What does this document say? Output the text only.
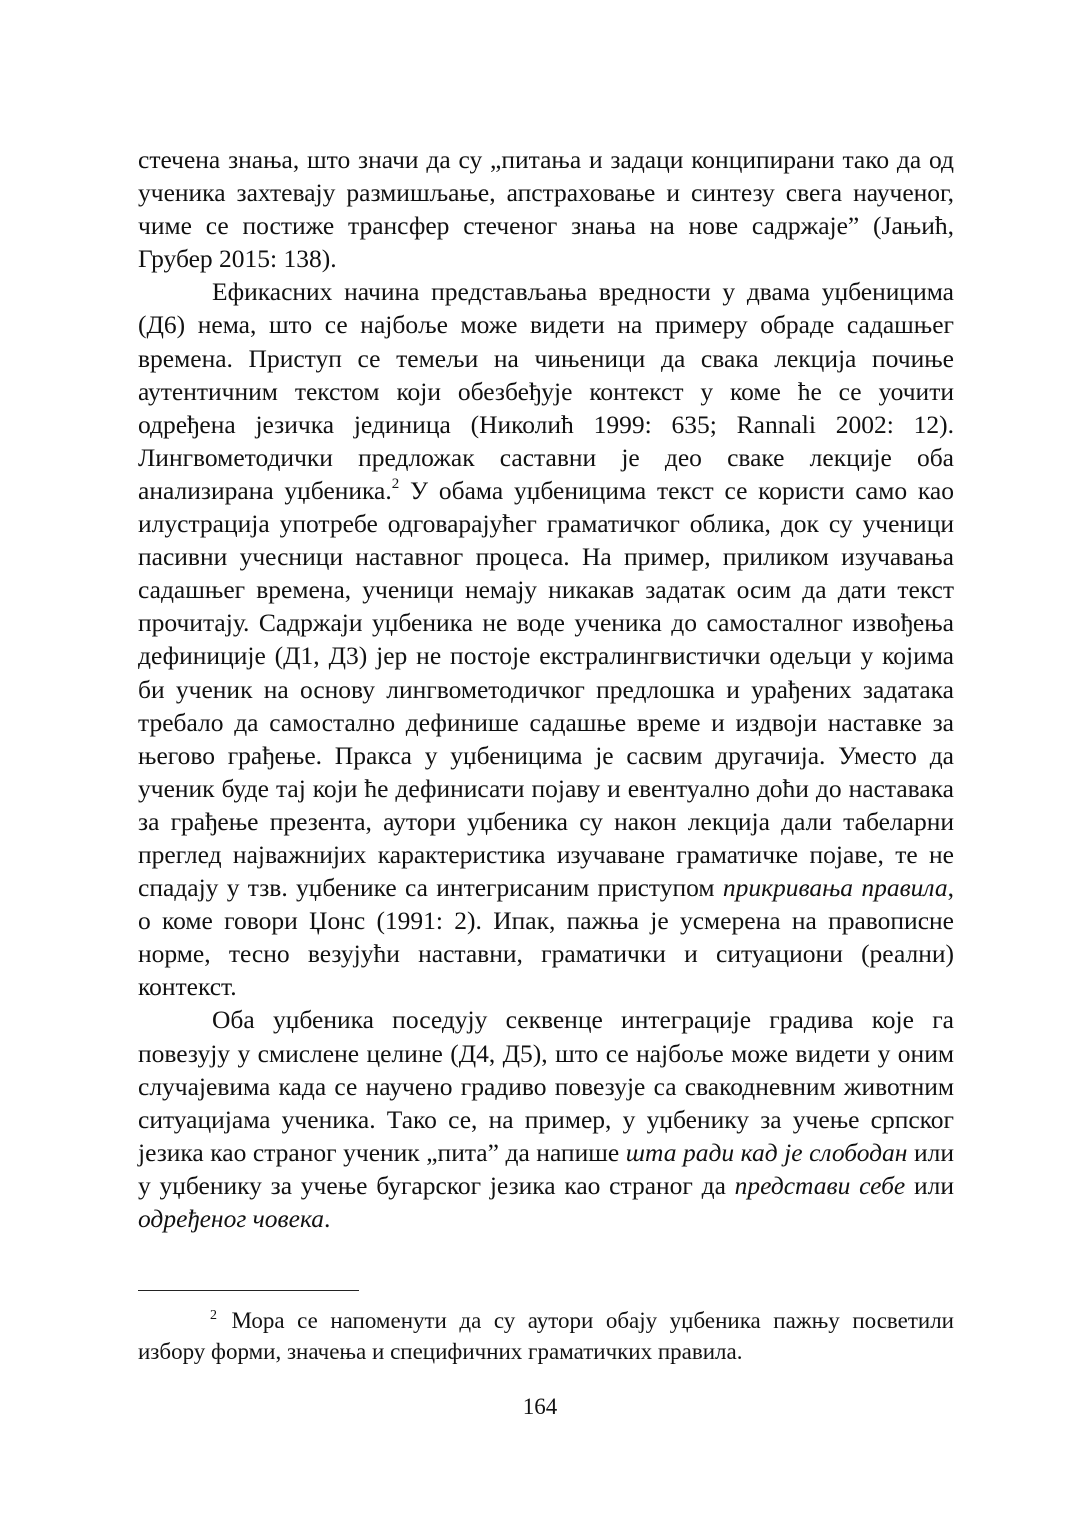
стечена знања, што значи да су „питања и задаци конципирани тако да од ученика захтевају размишљање, апстраховање и синтезу свега наученог, чиме се постиже трансфер стеченог знања на нове садржаје” (Јањић, Грубер 2015: 138).

Ефикасних начина представљања вредности у двама уџбеницима (Д6) нема, што се најбоље може видети на примеру обраде садашњег времена. Приступ се темељи на чињеници да свака лекција почиње аутентичним текстом који обезбеђује контекст у коме ће се уочити одређена језичка јединица (Николић 1999: 635; Rannali 2002: 12). Лингвометодички предложак саставни је део сваке лекције оба анализирана уџбеника.$^2$ У обама уџбеницима текст се користи само као илустрација употребе одговарајућег граматичког облика, док су ученици пасивни учесници наставног процеса. На пример, приликом изучавања садашњег времена, ученици немају никакав задатак осим да дати текст прочитају. Садржаји уџбеника не воде ученика до самосталног извођења дефиниције (Д1, Д3) јер не постоје екстралингвистички одељци у којима би ученик на основу лингвометодичког предлошка и урађених задатака требало да самостално дефинише садашње време и издвоји наставке за његово грађење. Пракса у уџбеницима је сасвим другачија. Уместо да ученик буде тај који ће дефинисати појаву и евентуално доћи до наставака за грађење презента, аутори уџбеника су након лекција дали табеларни преглед најважнијих карактеристика изучаване граматичке појаве, те не спадају у тзв. уџбенике са интегрисаним приступом прикривања правила, о коме говори Џонс (1991: 2). Ипак, пажња је усмерена на правописне норме, тесно везујући наставни, граматички и ситуациони (реални) контекст.

Оба уџбеника поседују секвенце интеграције градива које га повезују у смислене целине (Д4, Д5), што се најбоље може видети у оним случајевима када се научено градиво повезује са свакодневним животним ситуацијама ученика. Тако се, на пример, у уџбенику за учење српског језика као страног ученик „пита” да напише шта ради кад је слободан или у уџбенику за учење бугарског језика као страног да представи себе или одређеног човека.

$^2$ Мора се напоменути да су аутори обају уџбеника пажњу посветили избору форми, значења и специфичних граматичких правила.

164
